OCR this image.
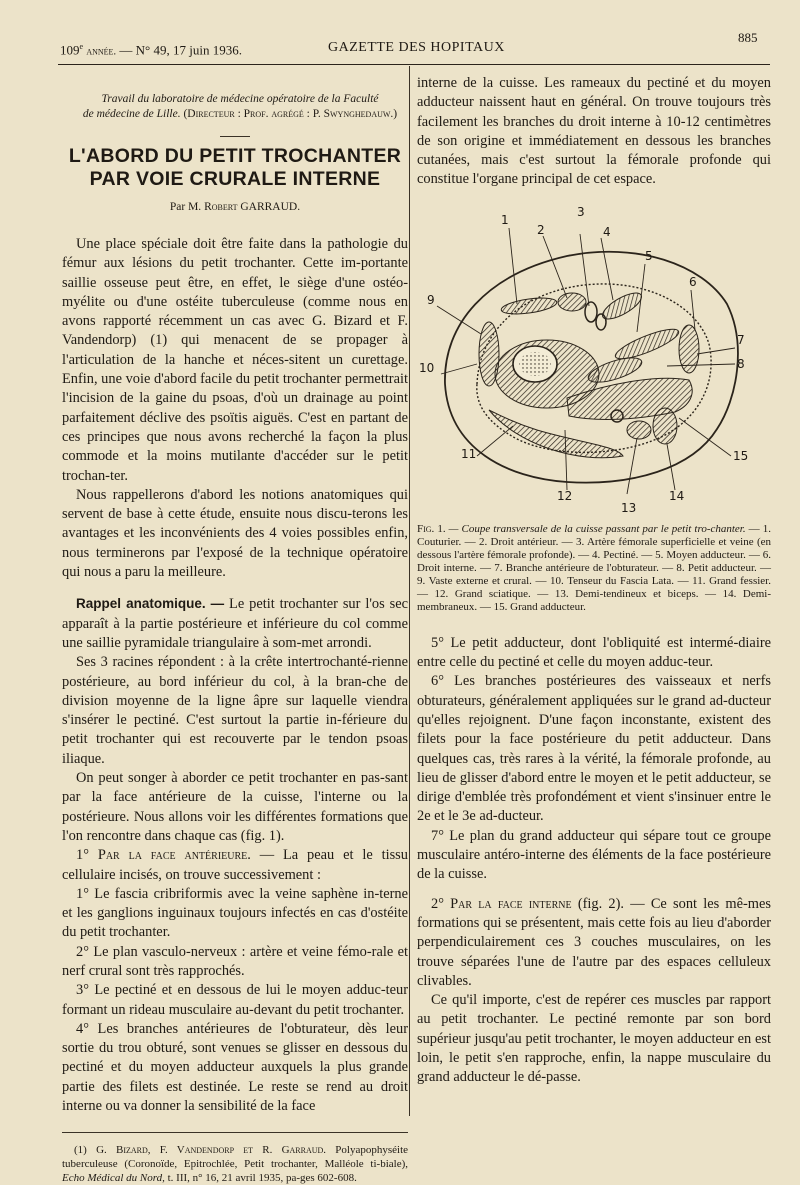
109e année. — N° 49, 17 juin 1936.	GAZETTE DES HOPITAUX
885

Travail du laboratoire de médecine opératoire de la Faculté
de médecine de Lille. (Directeur : Prof. agrégé : P. Swynghedauw.)

L'ABORD DU PETIT TROCHANTER
PAR VOIE CRURALE INTERNE
Par M. Robert GARRAUD.

Une place spéciale doit être faite dans la pathologie du fémur aux lésions du petit trochanter. Cette im-portante saillie osseuse peut être, en effet, le siège d'une ostéo-myélite ou d'une ostéite tuberculeuse (comme nous en avons rapporté récemment un cas avec G. Bizard et F. Vandendorp) (1) qui menacent de se propager à l'articulation de la hanche et néces-sitent un curettage. Enfin, une voie d'abord facile du petit trochanter permettrait l'incision de la gaine du psoas, d'où un drainage au point parfaitement déclive des psoïtis aiguës. C'est en partant de ces principes que nous avons recherché la façon la plus commode et la moins mutilante d'accéder sur le petit trochan-ter.

Nous rappellerons d'abord les notions anatomiques qui servent de base à cette étude, ensuite nous discu-terons les avantages et les inconvénients des 4 voies possibles enfin, nous terminerons par l'exposé de la technique opératoire qui nous a paru la meilleure.

Rappel anatomique. — Le petit trochanter sur l'os sec apparaît à la partie postérieure et inférieure du col comme une saillie pyramidale triangulaire à som-met arrondi.

Ses 3 racines répondent : à la crête intertrochanté-rienne postérieure, au bord inférieur du col, à la bran-che de division moyenne de la ligne âpre sur laquelle viendra s'insérer le pectiné. C'est surtout la partie in-férieure du petit trochanter qui est recouverte par le tendon psoas iliaque.

On peut songer à aborder ce petit trochanter en pas-sant par la face antérieure de la cuisse, l'interne ou la postérieure. Nous allons voir les différentes formations que l'on rencontre dans chaque cas (fig. 1).

1° Par la face antérieure. — La peau et le tissu cellulaire incisés, on trouve successivement :

1° Le fascia cribriformis avec la veine saphène in-terne et les ganglions inguinaux toujours infectés en cas d'ostéite du petit trochanter.

2° Le plan vasculo-nerveux : artère et veine fémo-rale et nerf crural sont très rapprochés.

3° Le pectiné et en dessous de lui le moyen adduc-teur formant un rideau musculaire au-devant du petit trochanter.

4° Les branches antérieures de l'obturateur, dès leur sortie du trou obturé, sont venues se glisser en dessous du pectiné et du moyen adducteur auxquels la plus grande partie des filets est destinée. Le reste se rend au droit interne ou va donner la sensibilité de la face

(1) G. Bizard, F. Vandendorp et R. Garraud. Polyapophyséite tuberculeuse (Coronoïde, Epitrochlée, Petit trochanter, Malléole ti-biale), Echo Médical du Nord, t. III, n° 16, 21 avril 1935, pa-ges 602-608.

interne de la cuisse. Les rameaux du pectiné et du moyen adducteur naissent haut en général. On trouve toujours très facilement les branches du droit interne à 10-12 centimètres de son origine et immédiatement en dessous les branches cutanées, mais c'est surtout la fémorale profonde qui constitue l'organe principal de cet espace.

1
2
3
4
5
6
7
8
9
10
11
12
13
14
15

Fig. 1. — Coupe transversale de la cuisse passant par le petit tro-chanter. — 1. Couturier. — 2. Droit antérieur. — 3. Artère fémorale superficielle et veine (en dessous l'artère fémorale profonde). — 4. Pectiné. — 5. Moyen adducteur. — 6. Droit interne. — 7. Branche antérieure de l'obturateur. — 8. Petit adducteur. — 9. Vaste externe et crural. — 10. Tenseur du Fascia Lata. — 11. Grand fessier. — 12. Grand sciatique. — 13. Demi-tendineux et biceps. — 14. Demi-membraneux. — 15. Grand adducteur.

5° Le petit adducteur, dont l'obliquité est intermé-diaire entre celle du pectiné et celle du moyen adduc-teur.

6° Les branches postérieures des vaisseaux et nerfs obturateurs, généralement appliquées sur le grand ad-ducteur qu'elles rejoignent. D'une façon inconstante, existent des filets pour la face postérieure du petit adducteur. Dans quelques cas, très rares à la vérité, la fémorale profonde, au lieu de glisser d'abord entre le moyen et le petit adducteur, se dirige d'emblée très profondément et vient s'insinuer entre le 2e et le 3e ad-ducteur.

7° Le plan du grand adducteur qui sépare tout ce groupe musculaire antéro-interne des éléments de la face postérieure de la cuisse.

2° Par la face interne (fig. 2). — Ce sont les mê-mes formations qui se présentent, mais cette fois au lieu d'aborder perpendiculairement ces 3 couches musculaires, on les trouve séparées l'une de l'autre par des espaces celluleux clivables.

Ce qu'il importe, c'est de repérer ces muscles par rapport au petit trochanter. Le pectiné remonte par son bord supérieur jusqu'au petit trochanter, le moyen adducteur en est loin, le petit s'en rapproche, enfin, la nappe musculaire du grand adducteur le dé-passe.
